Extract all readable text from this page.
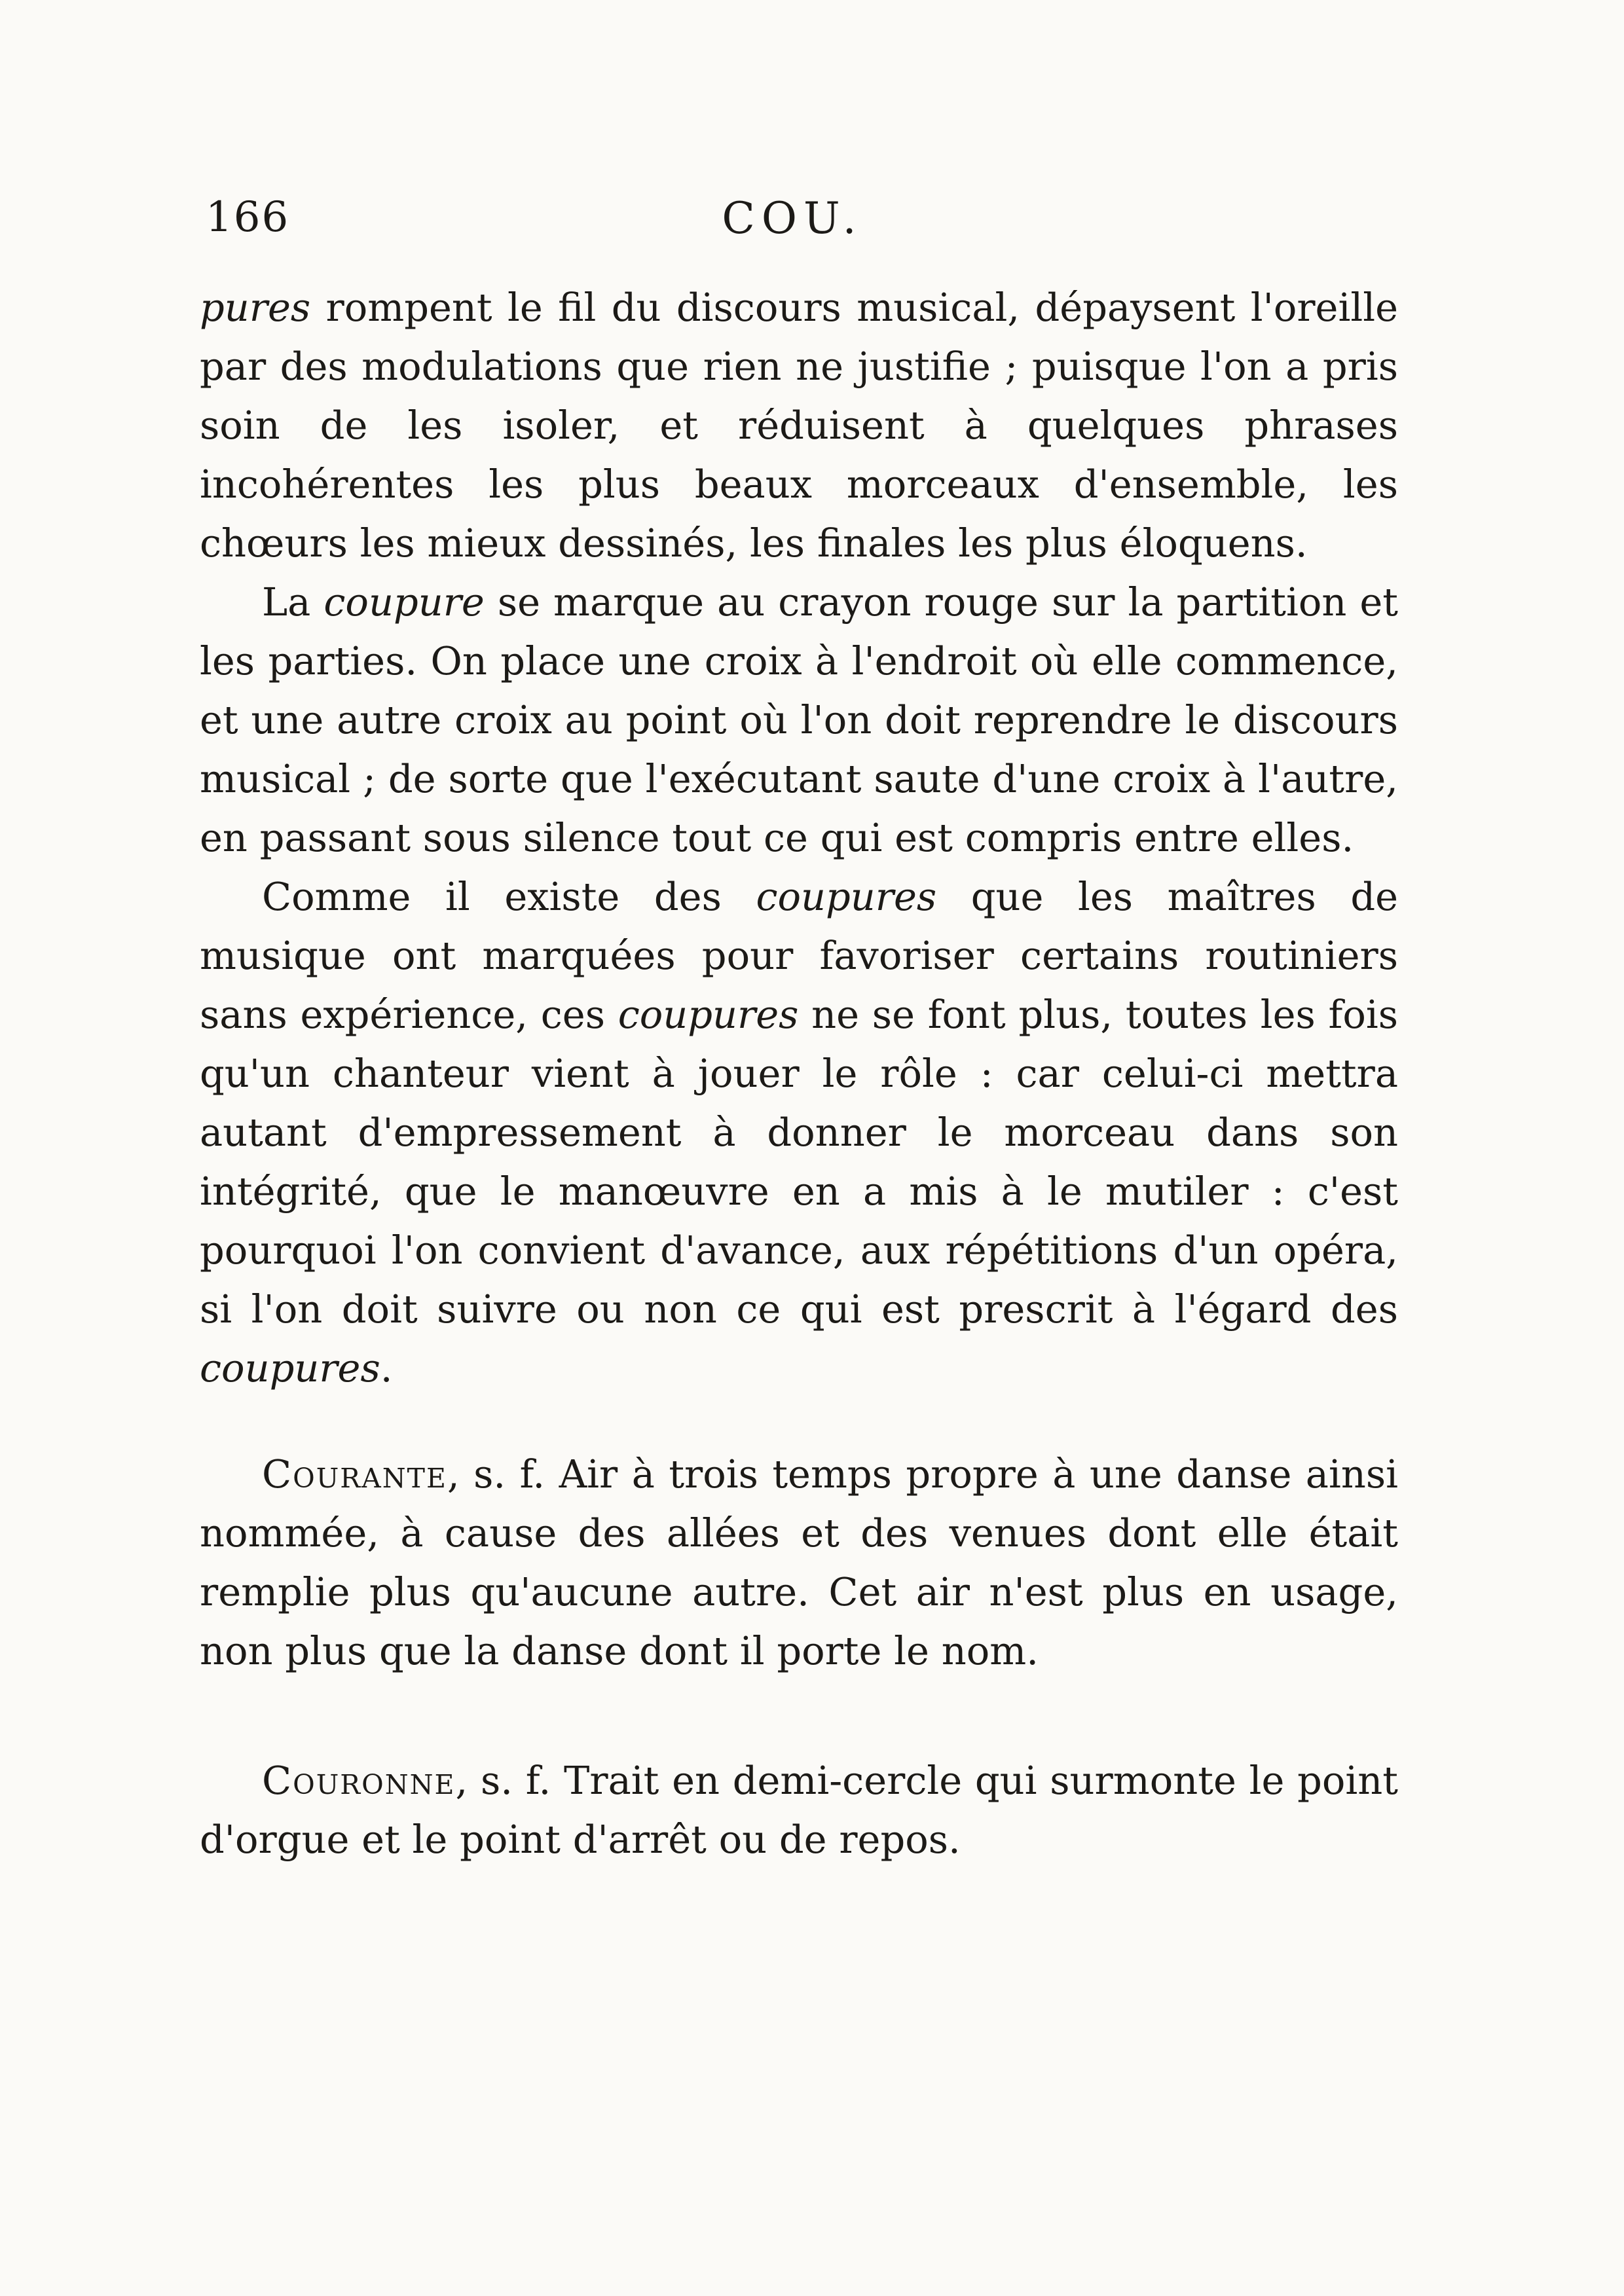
166	COU.

pures rompent le fil du discours musical, dépaysent l'oreille par des modulations que rien ne justifie ; puisque l'on a pris soin de les isoler, et réduisent à quelques phrases incohérentes les plus beaux morceaux d'ensemble, les chœurs les mieux dessinés, les finales les plus éloquens.

La coupure se marque au crayon rouge sur la partition et les parties. On place une croix à l'endroit où elle commence, et une autre croix au point où l'on doit reprendre le discours musical ; de sorte que l'exécutant saute d'une croix à l'autre, en passant sous silence tout ce qui est compris entre elles.

Comme il existe des coupures que les maîtres de musique ont marquées pour favoriser certains routiniers sans expérience, ces coupures ne se font plus, toutes les fois qu'un chanteur vient à jouer le rôle : car celui-ci mettra autant d'empressement à donner le morceau dans son intégrité, que le manœuvre en a mis à le mutiler : c'est pourquoi l'on convient d'avance, aux répétitions d'un opéra, si l'on doit suivre ou non ce qui est prescrit à l'égard des coupures.

Courante, s. f. Air à trois temps propre à une danse ainsi nommée, à cause des allées et des venues dont elle était remplie plus qu'aucune autre. Cet air n'est plus en usage, non plus que la danse dont il porte le nom.

Couronne, s. f. Trait en demi-cercle qui surmonte le point d'orgue et le point d'arrêt ou de repos.
